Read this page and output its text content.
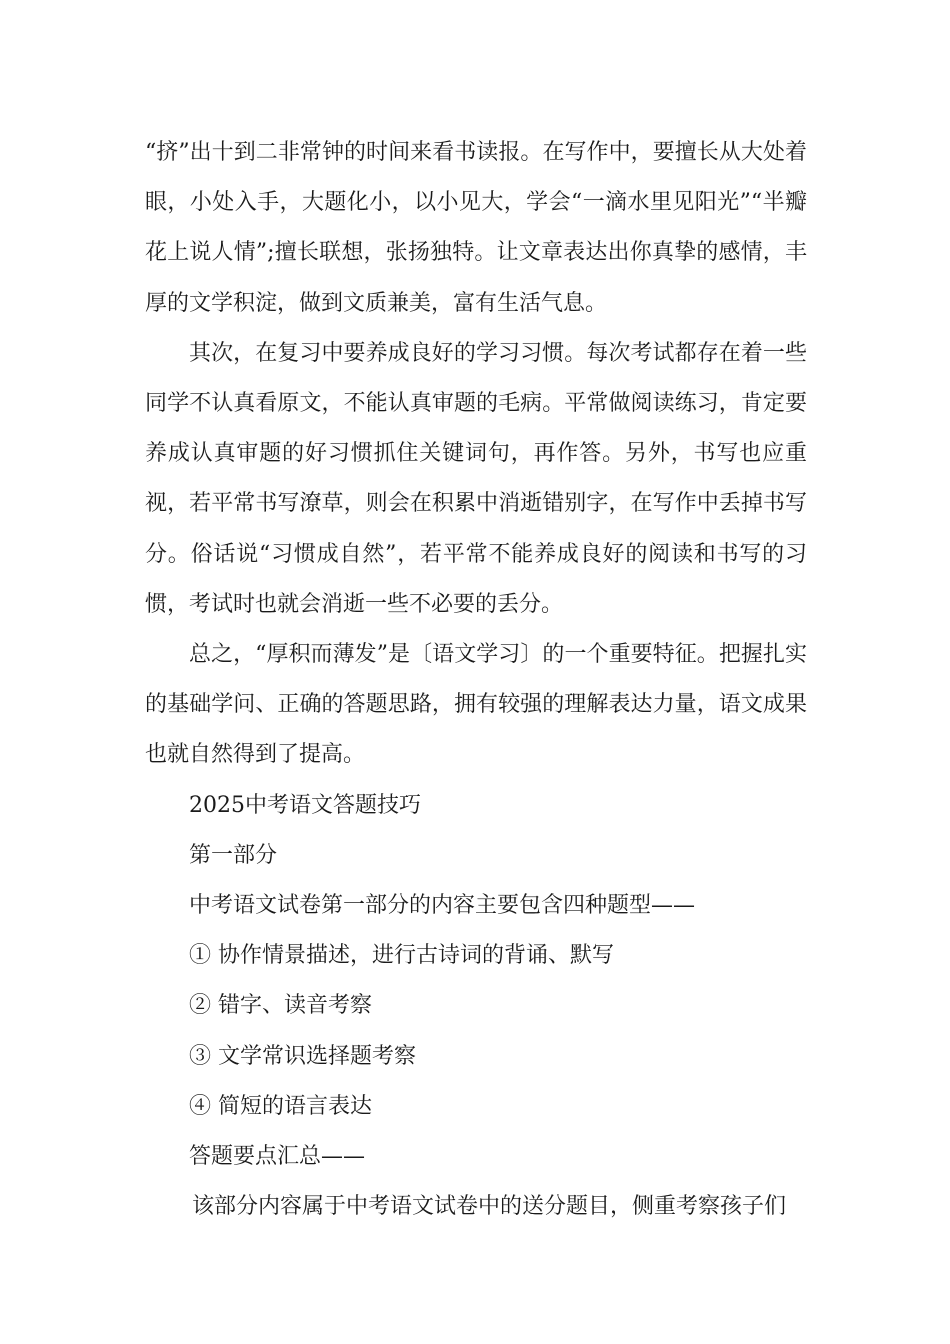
“挤”出十到二非常钟的时间来看书读报。在写作中，要擅长从大处着眼，小处入手，大题化小，以小见大，学会“一滴水里见阳光”“半瓣花上说人情”;擅长联想，张扬独特。让文章表达出你真挚的感情，丰厚的文学积淀，做到文质兼美，富有生活气息。

其次，在复习中要养成良好的学习习惯。每次考试都存在着一些同学不认真看原文，不能认真审题的毛病。平常做阅读练习，肯定要养成认真审题的好习惯抓住关键词句，再作答。另外，书写也应重视，若平常书写潦草，则会在积累中消逝错别字，在写作中丢掉书写分。俗话说“习惯成自然”，若平常不能养成良好的阅读和书写的习惯，考试时也就会消逝一些不必要的丢分。

总之，“厚积而薄发”是〔语文学习〕的一个重要特征。把握扎实的基础学问、正确的答题思路，拥有较强的理解表达力量，语文成果也就自然得到了提高。

2025中考语文答题技巧

第一部分

中考语文试卷第一部分的内容主要包含四种题型——

① 协作情景描述，进行古诗词的背诵、默写

② 错字、读音考察

③ 文学常识选择题考察

④ 简短的语言表达

答题要点汇总——

该部分内容属于中考语文试卷中的送分题目，侧重考察孩子们
